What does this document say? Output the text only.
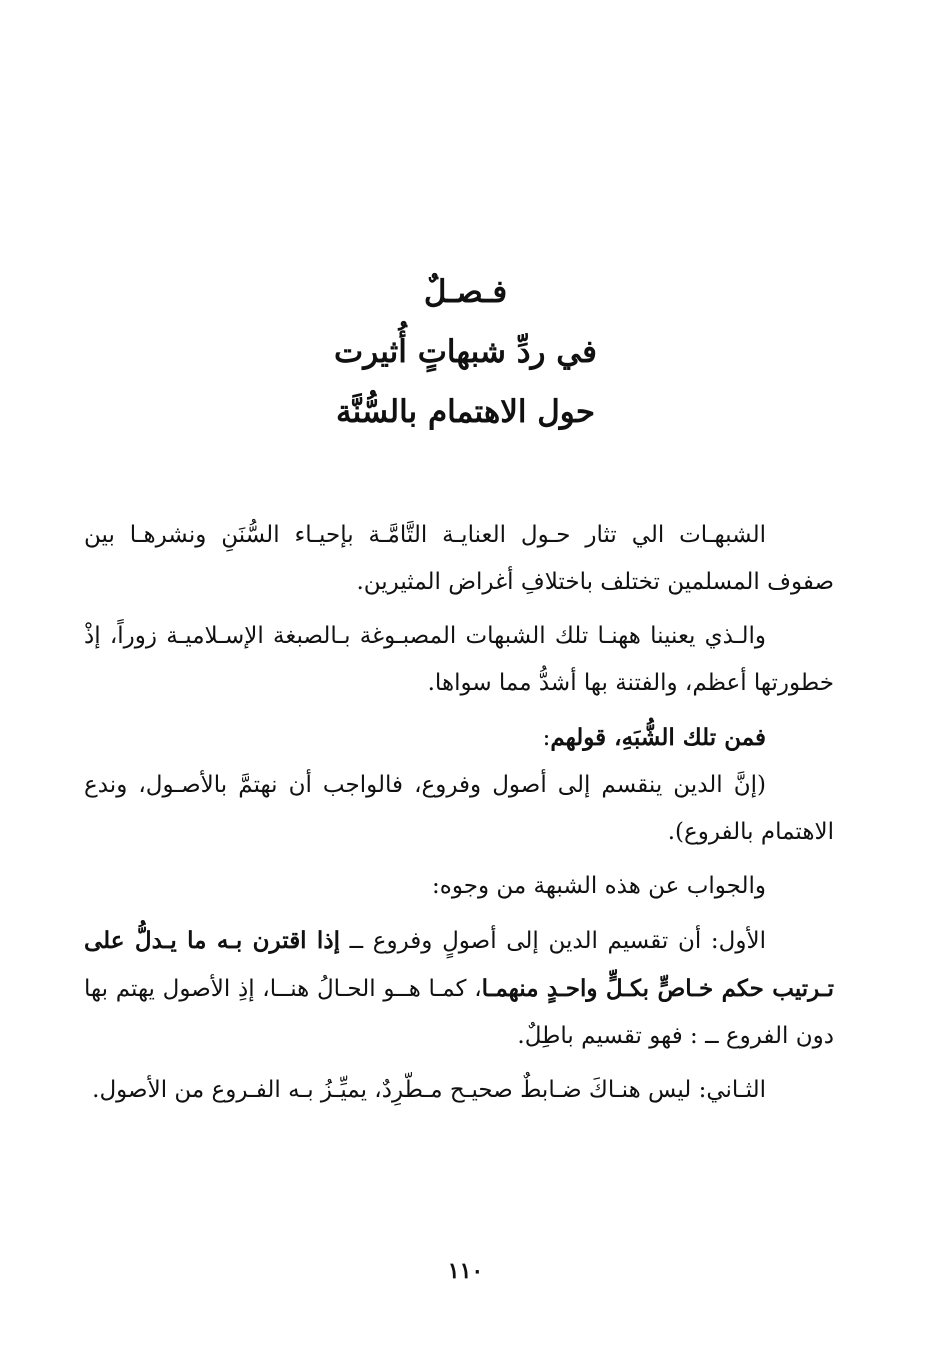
فـصـلٌ
في ردِّ شبهاتٍ أُثيرت
حول الاهتمام بالسُّنَّة

الشبهـات الي تثار حـول العنايـة التَّامَّـة بإحيـاء السُّنَنِ ونشرهـا بين صفوف المسلمين تختلف باختلافِ أغراض المثيرين.

والـذي يعنينا ههنـا تلك الشبهات المصبـوغة بـالصبغة الإسـلاميـة زوراً، إذْ خطورتها أعظم، والفتنة بها أشدُّ مما سواها.

فمن تلك الشُّبَهِ، قولهم:

(إنَّ الدين ينقسم إلى أصول وفروع، فالواجب أن نهتمَّ بالأصـول، وندع الاهتمام بالفروع).

والجواب عن هذه الشبهة من وجوه:

الأول: أن تقسيم الدين إلى أصولٍ وفروع ــ إذا اقترن بـه ما يـدلُّ على تـرتيب حكم خـاصٍّ بكـلٍّ واحـدٍ منهمـا، كمـا هــو الحـالُ هنــا، إذِ الأصول يهتم بها دون الفروع ــ : فهو تقسيم باطِلٌ.

الثـاني: ليس هنـاكَ ضـابطٌ صحيـح مـطّرِدٌ، يميِّـزُ بـه الفـروع من الأصول.

١١٠
